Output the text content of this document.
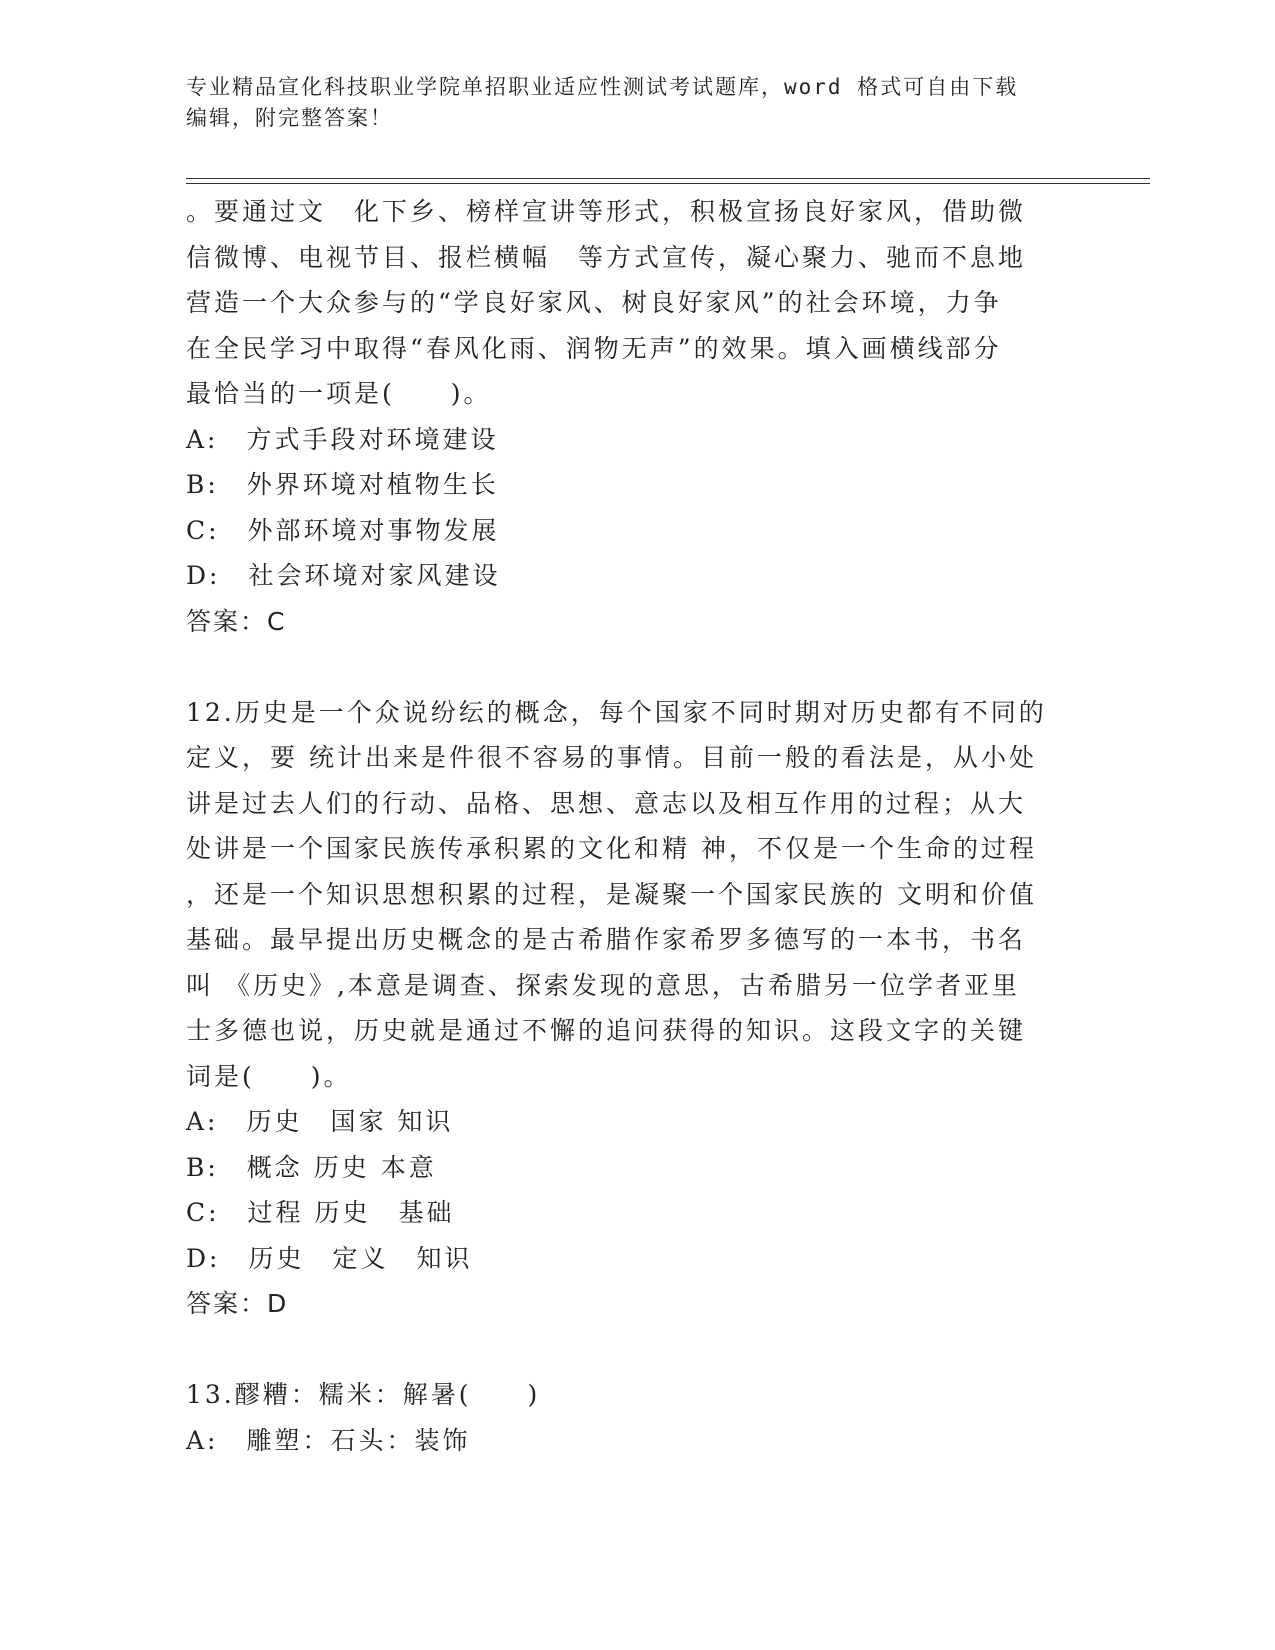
专业精品宣化科技职业学院单招职业适应性测试考试题库，word 格式可自由下载
编辑，附完整答案！
。要通过文　化下乡、榜样宣讲等形式，积极宣扬良好家风，借助微
信微博、电视节目、报栏横幅　等方式宣传，凝心聚力、驰而不息地
营造一个大众参与的“学良好家风、树良好家风”的社会环境，力争
在全民学习中取得“春风化雨、润物无声”的效果。填入画横线部分
最恰当的一项是(　　)。
A:　方式手段对环境建设
B:　外界环境对植物生长
C:　外部环境对事物发展
D:　社会环境对家风建设
答案：C
12.历史是一个众说纷纭的概念，每个国家不同时期对历史都有不同的
定义，要 统计出来是件很不容易的事情。目前一般的看法是，从小处
讲是过去人们的行动、品格、思想、意志以及相互作用的过程；从大
处讲是一个国家民族传承积累的文化和精 神，不仅是一个生命的过程
，还是一个知识思想积累的过程，是凝聚一个国家民族的 文明和价值
基础。最早提出历史概念的是古希腊作家希罗多德写的一本书，书名
叫 《历史》,本意是调查、探索发现的意思，古希腊另一位学者亚里
士多德也说，历史就是通过不懈的追问获得的知识。这段文字的关键
词是(　　)。
A:　历史　国家 知识
B:　概念 历史 本意
C:　过程 历史　基础
D:　历史　定义　知识
答案：D
13.醪糟：糯米：解暑(　　)
A:　雕塑：石头：装饰
